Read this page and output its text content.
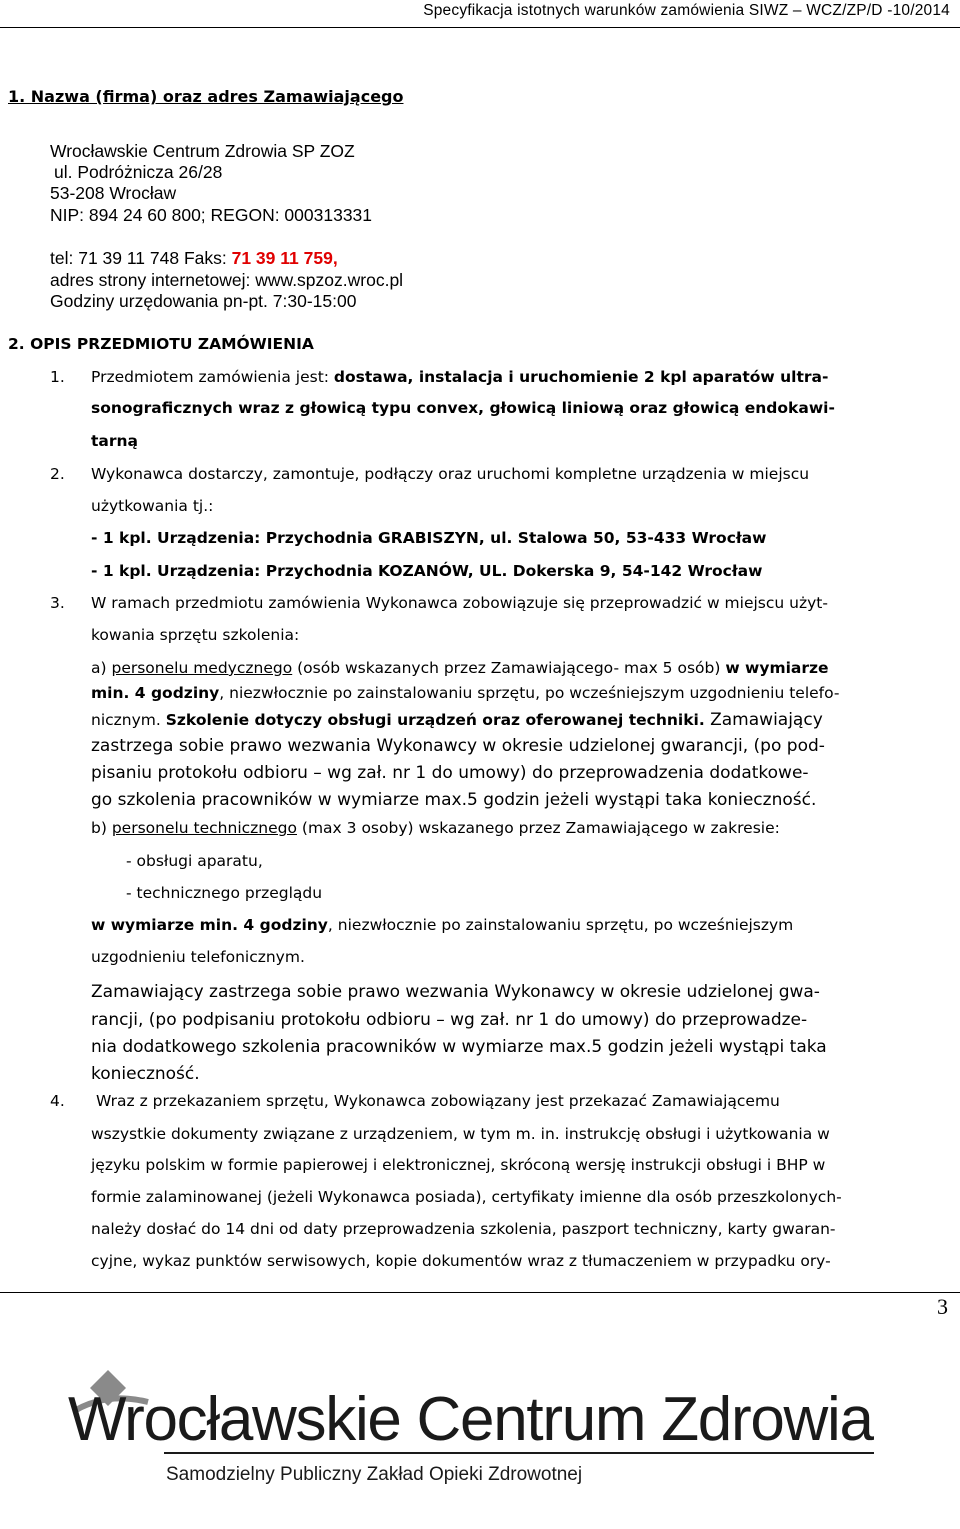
Specyfikacja istotnych warunków zamówienia SIWZ – WCZ/ZP/D -10/2014
1. Nazwa (firma) oraz adres Zamawiającego
Wrocławskie Centrum Zdrowia SP ZOZ
ul. Podróżnicza 26/28
53-208 Wrocław
NIP: 894 24 60 800; REGON: 000313331
tel: 71 39 11 748 Faks: 71 39 11 759,
adres strony internetowej: www.spzoz.wroc.pl
Godziny urzędowania pn-pt. 7:30-15:00
2. OPIS PRZEDMIOTU ZAMÓWIENIA
1. Przedmiotem zamówienia jest: dostawa, instalacja i uruchomienie 2 kpl aparatów ultra-
sonograficznych wraz z głowicą typu convex, głowicą liniową oraz głowicą endokawi-
tarną
2. Wykonawca dostarczy, zamontuje, podłączy oraz uruchomi kompletne urządzenia w miejscu
użytkowania tj.:
- 1 kpl. Urządzenia: Przychodnia GRABISZYN, ul. Stalowa 50, 53-433 Wrocław
- 1 kpl. Urządzenia: Przychodnia KOZANÓW, UL. Dokerska 9, 54-142 Wrocław
3. W ramach przedmiotu zamówienia Wykonawca zobowiązuje się przeprowadzić w miejscu użyt-
kowania sprzętu szkolenia:
a) personelu medycznego (osób wskazanych przez Zamawiającego- max 5 osób) w wymiarze
min. 4 godziny, niezwłocznie po zainstalowaniu sprzętu, po wcześniejszym uzgodnieniu telefo-
nicznym. Szkolenie dotyczy obsługi urządzeń oraz oferowanej techniki. Zamawiający
zastrzega sobie prawo wezwania Wykonawcy w okresie udzielonej gwarancji, (po pod-
pisaniu protokołu odbioru – wg zał. nr 1 do umowy) do przeprowadzenia dodatkowe-
go szkolenia pracowników w wymiarze max.5 godzin jeżeli wystąpi taka konieczność.
b) personelu technicznego (max 3 osoby) wskazanego przez Zamawiającego w zakresie:
- obsługi aparatu,
- technicznego przeglądu
w wymiarze min. 4 godziny, niezwłocznie po zainstalowaniu sprzętu, po wcześniejszym
uzgodnieniu telefonicznym.
Zamawiający zastrzega sobie prawo wezwania Wykonawcy w okresie udzielonej gwa-
rancji, (po podpisaniu protokołu odbioru – wg zał. nr 1 do umowy) do przeprowadze-
nia dodatkowego szkolenia pracowników w wymiarze max.5 godzin jeżeli wystąpi taka
konieczność.
4. Wraz z przekazaniem sprzętu, Wykonawca zobowiązany jest przekazać Zamawiającemu
wszystkie dokumenty związane z urządzeniem, w tym m. in. instrukcję obsługi i użytkowania w
języku polskim w formie papierowej i elektronicznej, skróconą wersję instrukcji obsługi i BHP w
formie zalaminowanej (jeżeli Wykonawca posiada), certyfikaty imienne dla osób przeszkolonych-
należy dosłać do 14 dni od daty przeprowadzenia szkolenia, paszport techniczny, karty gwaran-
cyjne, wykaz punktów serwisowych, kopie dokumentów wraz z tłumaczeniem w przypadku ory-
3
Wrocławskie Centrum Zdrowia
Samodzielny Publiczny Zakład Opieki Zdrowotnej
